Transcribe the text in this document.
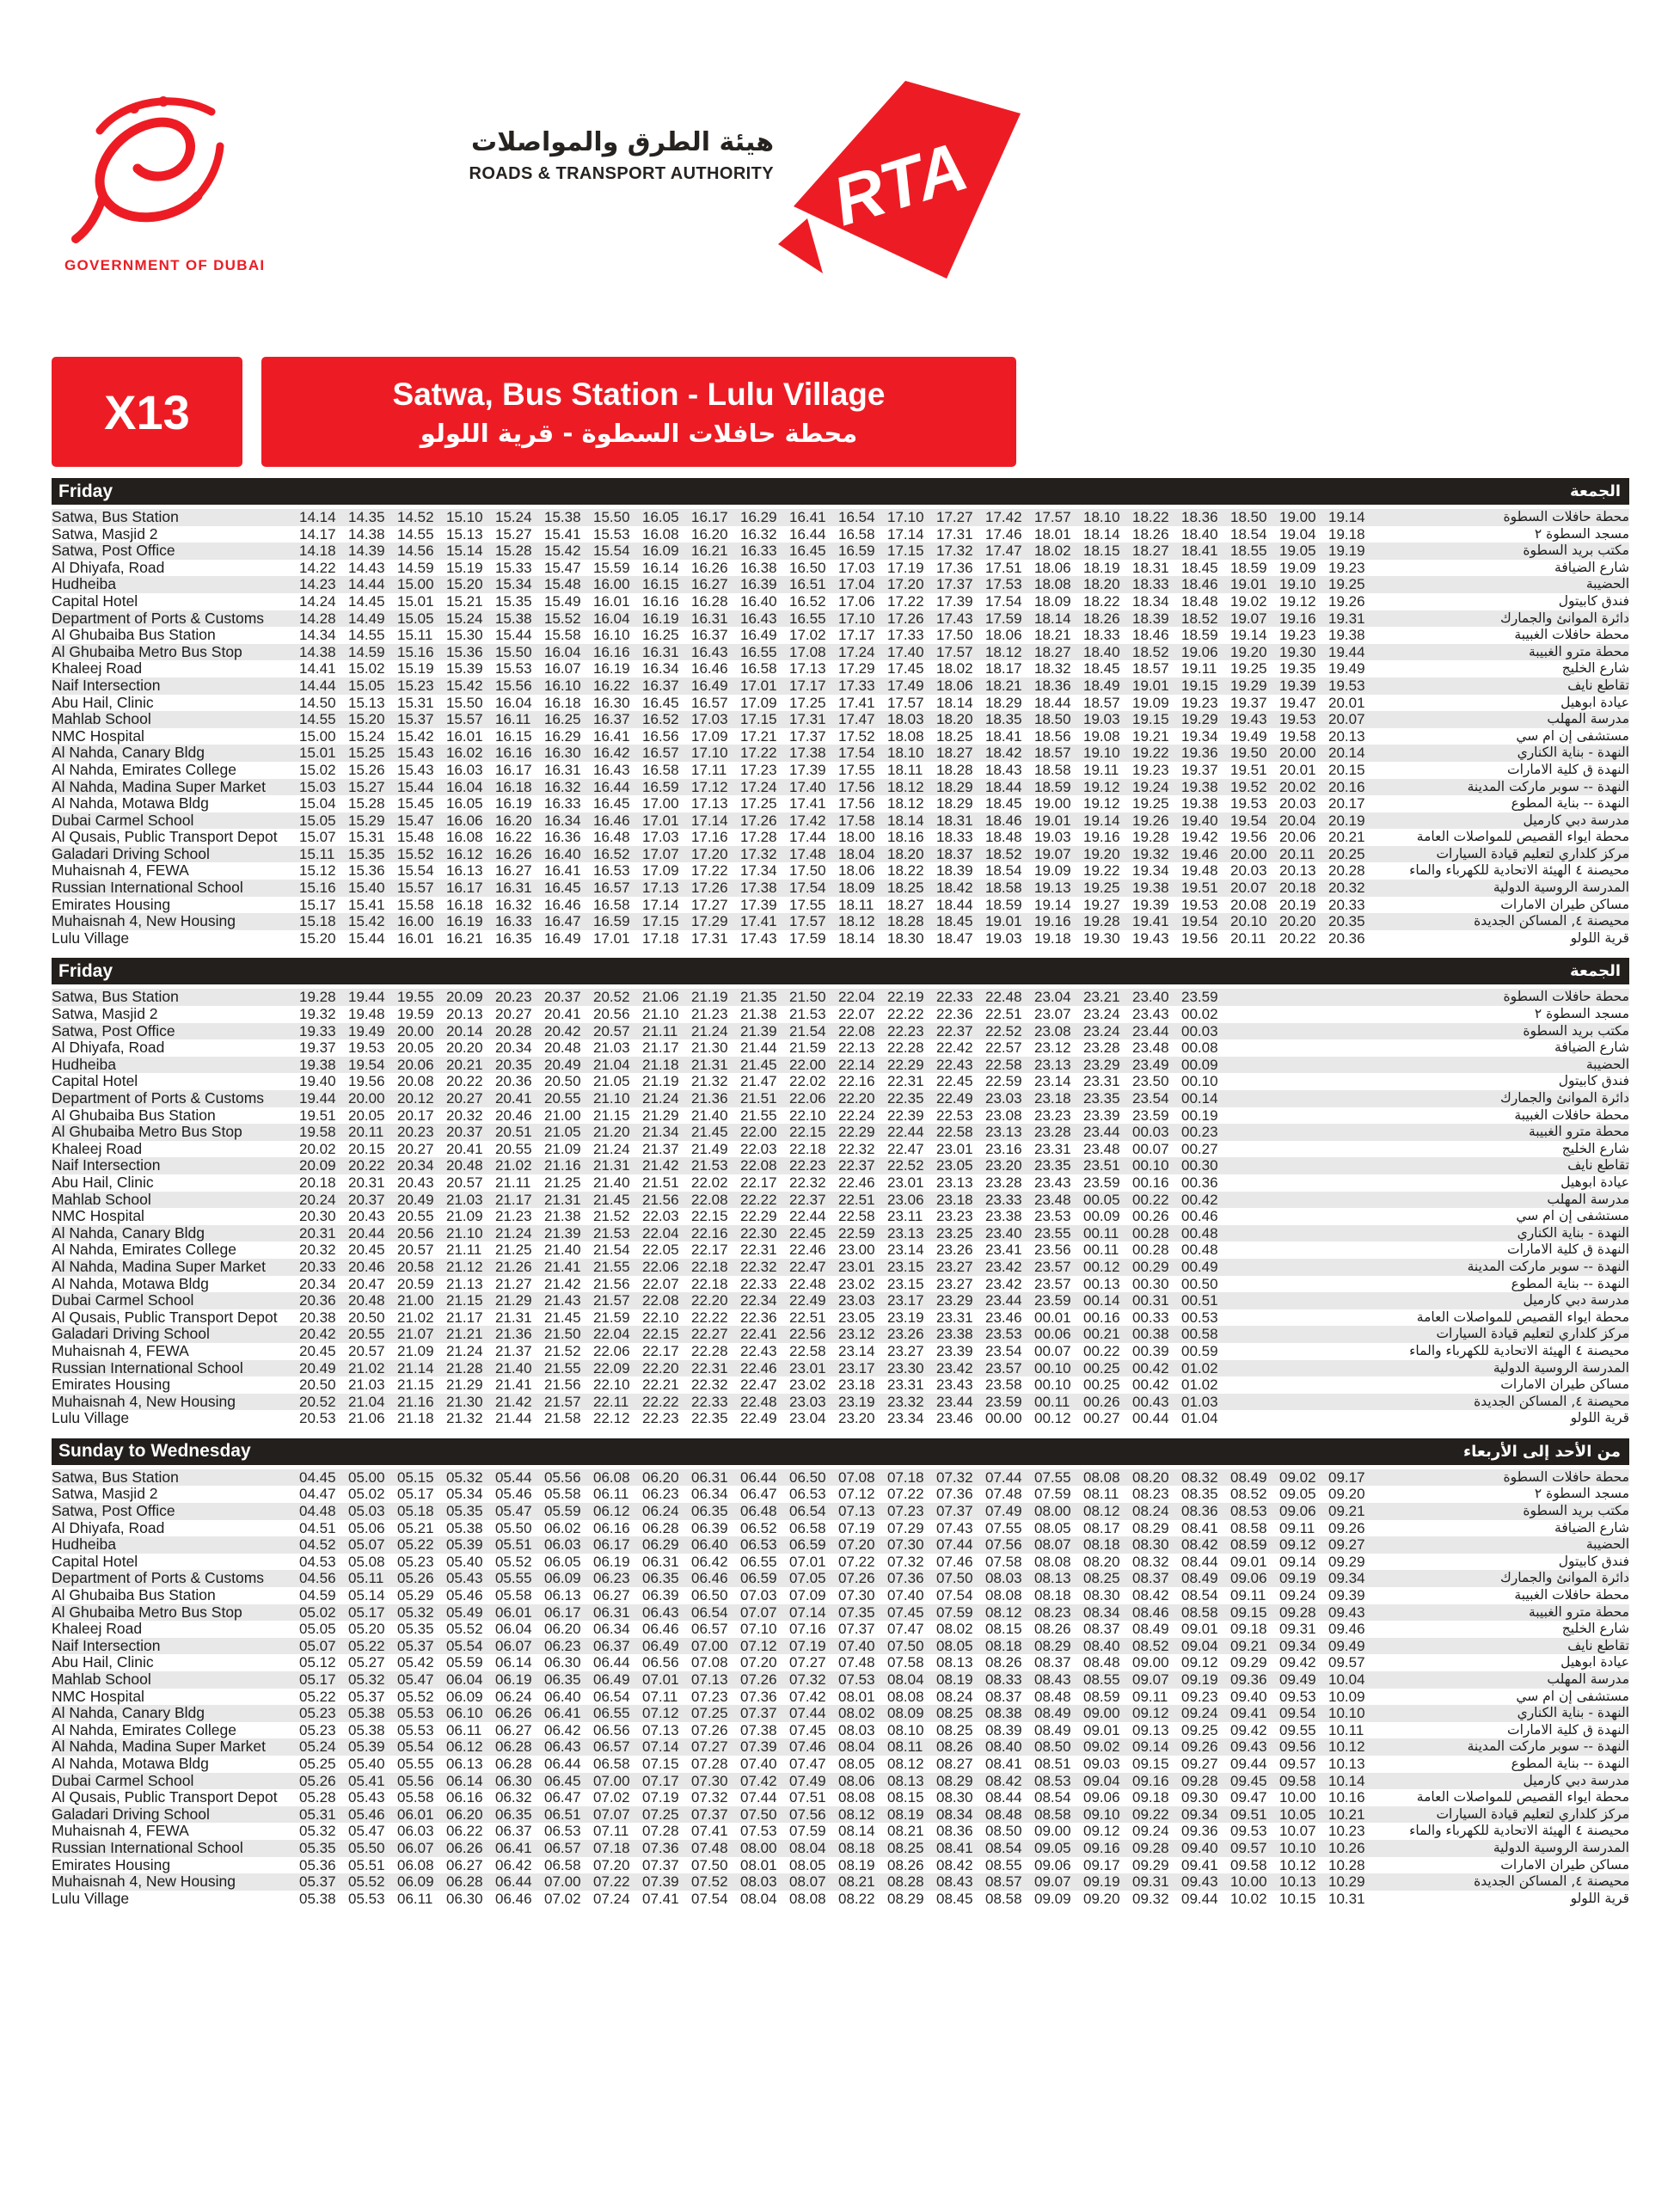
GOVERNMENT OF DUBAI
هيئة الطرق والمواصلات
ROADS & TRANSPORT AUTHORITY RTA
X13	Satwa, Bus Station - Lulu Village
محطة حافلات السطوة - قرية اللولو
Friday	الجمعة
Satwa, Bus Station	14.14	14.35	14.52	15.10	15.24	15.38	15.50	16.05	16.17	16.29	16.41	16.54	17.10	17.27	17.42	17.57	18.10	18.22	18.36	18.50	19.00	19.14	محطة حافلات السطوة
Satwa, Masjid 2	14.17	14.38	14.55	15.13	15.27	15.41	15.53	16.08	16.20	16.32	16.44	16.58	17.14	17.31	17.46	18.01	18.14	18.26	18.40	18.54	19.04	19.18	مسجد السطوة ٢
Satwa, Post Office	14.18	14.39	14.56	15.14	15.28	15.42	15.54	16.09	16.21	16.33	16.45	16.59	17.15	17.32	17.47	18.02	18.15	18.27	18.41	18.55	19.05	19.19	مكتب بريد السطوة
Al Dhiyafa, Road	14.22	14.43	14.59	15.19	15.33	15.47	15.59	16.14	16.26	16.38	16.50	17.03	17.19	17.36	17.51	18.06	18.19	18.31	18.45	18.59	19.09	19.23	شارع الضيافة
Hudheiba	14.23	14.44	15.00	15.20	15.34	15.48	16.00	16.15	16.27	16.39	16.51	17.04	17.20	17.37	17.53	18.08	18.20	18.33	18.46	19.01	19.10	19.25	الحضيبة
Capital Hotel	14.24	14.45	15.01	15.21	15.35	15.49	16.01	16.16	16.28	16.40	16.52	17.06	17.22	17.39	17.54	18.09	18.22	18.34	18.48	19.02	19.12	19.26	فندق كابيتول
Department of Ports & Customs	14.28	14.49	15.05	15.24	15.38	15.52	16.04	16.19	16.31	16.43	16.55	17.10	17.26	17.43	17.59	18.14	18.26	18.39	18.52	19.07	19.16	19.31	دائرة الموانئ والجمارك
Al Ghubaiba Bus Station	14.34	14.55	15.11	15.30	15.44	15.58	16.10	16.25	16.37	16.49	17.02	17.17	17.33	17.50	18.06	18.21	18.33	18.46	18.59	19.14	19.23	19.38	محطة حافلات الغبيبة
Al Ghubaiba Metro Bus Stop	14.38	14.59	15.16	15.36	15.50	16.04	16.16	16.31	16.43	16.55	17.08	17.24	17.40	17.57	18.12	18.27	18.40	18.52	19.06	19.20	19.30	19.44	محطة مترو الغبيبة
Khaleej Road	14.41	15.02	15.19	15.39	15.53	16.07	16.19	16.34	16.46	16.58	17.13	17.29	17.45	18.02	18.17	18.32	18.45	18.57	19.11	19.25	19.35	19.49	شارع الخليج
Naif Intersection	14.44	15.05	15.23	15.42	15.56	16.10	16.22	16.37	16.49	17.01	17.17	17.33	17.49	18.06	18.21	18.36	18.49	19.01	19.15	19.29	19.39	19.53	تقاطع نايف
Abu Hail, Clinic	14.50	15.13	15.31	15.50	16.04	16.18	16.30	16.45	16.57	17.09	17.25	17.41	17.57	18.14	18.29	18.44	18.57	19.09	19.23	19.37	19.47	20.01	عيادة ابوهيل
Mahlab School	14.55	15.20	15.37	15.57	16.11	16.25	16.37	16.52	17.03	17.15	17.31	17.47	18.03	18.20	18.35	18.50	19.03	19.15	19.29	19.43	19.53	20.07	مدرسة المهلب
NMC Hospital	15.00	15.24	15.42	16.01	16.15	16.29	16.41	16.56	17.09	17.21	17.37	17.52	18.08	18.25	18.41	18.56	19.08	19.21	19.34	19.49	19.58	20.13	مستشفى إن ام سي
Al Nahda, Canary Bldg	15.01	15.25	15.43	16.02	16.16	16.30	16.42	16.57	17.10	17.22	17.38	17.54	18.10	18.27	18.42	18.57	19.10	19.22	19.36	19.50	20.00	20.14	النهدة - بناية الكناري
Al Nahda, Emirates College	15.02	15.26	15.43	16.03	16.17	16.31	16.43	16.58	17.11	17.23	17.39	17.55	18.11	18.28	18.43	18.58	19.11	19.23	19.37	19.51	20.01	20.15	النهدة ق كلية الامارات
Al Nahda, Madina Super Market	15.03	15.27	15.44	16.04	16.18	16.32	16.44	16.59	17.12	17.24	17.40	17.56	18.12	18.29	18.44	18.59	19.12	19.24	19.38	19.52	20.02	20.16	النهدة -- سوبر ماركت المدينة
Al Nahda, Motawa Bldg	15.04	15.28	15.45	16.05	16.19	16.33	16.45	17.00	17.13	17.25	17.41	17.56	18.12	18.29	18.45	19.00	19.12	19.25	19.38	19.53	20.03	20.17	النهدة -- بناية المطوع
Dubai Carmel School	15.05	15.29	15.47	16.06	16.20	16.34	16.46	17.01	17.14	17.26	17.42	17.58	18.14	18.31	18.46	19.01	19.14	19.26	19.40	19.54	20.04	20.19	مدرسة دبي كارميل
Al Qusais, Public Transport Depot	15.07	15.31	15.48	16.08	16.22	16.36	16.48	17.03	17.16	17.28	17.44	18.00	18.16	18.33	18.48	19.03	19.16	19.28	19.42	19.56	20.06	20.21	محطة ايواء القصيص للمواصلات العامة
Galadari Driving School	15.11	15.35	15.52	16.12	16.26	16.40	16.52	17.07	17.20	17.32	17.48	18.04	18.20	18.37	18.52	19.07	19.20	19.32	19.46	20.00	20.11	20.25	مركز كلداري لتعليم قيادة السيارات
Muhaisnah 4, FEWA	15.12	15.36	15.54	16.13	16.27	16.41	16.53	17.09	17.22	17.34	17.50	18.06	18.22	18.39	18.54	19.09	19.22	19.34	19.48	20.03	20.13	20.28	محيصنة ٤ الهيئة الاتحادية للكهرباء والماء
Russian International School	15.16	15.40	15.57	16.17	16.31	16.45	16.57	17.13	17.26	17.38	17.54	18.09	18.25	18.42	18.58	19.13	19.25	19.38	19.51	20.07	20.18	20.32	المدرسة الروسية الدولية
Emirates Housing	15.17	15.41	15.58	16.18	16.32	16.46	16.58	17.14	17.27	17.39	17.55	18.11	18.27	18.44	18.59	19.14	19.27	19.39	19.53	20.08	20.19	20.33	مساكن طيران الامارات
Muhaisnah 4, New Housing	15.18	15.42	16.00	16.19	16.33	16.47	16.59	17.15	17.29	17.41	17.57	18.12	18.28	18.45	19.01	19.16	19.28	19.41	19.54	20.10	20.20	20.35	محيصنة ٤, المساكن الجديدة
Lulu Village	15.20	15.44	16.01	16.21	16.35	16.49	17.01	17.18	17.31	17.43	17.59	18.14	18.30	18.47	19.03	19.18	19.30	19.43	19.56	20.11	20.22	20.36	قرية اللولو
Friday	الجمعة
Satwa, Bus Station	19.28	19.44	19.55	20.09	20.23	20.37	20.52	21.06	21.19	21.35	21.50	22.04	22.19	22.33	22.48	23.04	23.21	23.40	23.59	محطة حافلات السطوة
Satwa, Masjid 2	19.32	19.48	19.59	20.13	20.27	20.41	20.56	21.10	21.23	21.38	21.53	22.07	22.22	22.36	22.51	23.07	23.24	23.43	00.02	مسجد السطوة ٢
Satwa, Post Office	19.33	19.49	20.00	20.14	20.28	20.42	20.57	21.11	21.24	21.39	21.54	22.08	22.23	22.37	22.52	23.08	23.24	23.44	00.03	مكتب بريد السطوة
Al Dhiyafa, Road	19.37	19.53	20.05	20.20	20.34	20.48	21.03	21.17	21.30	21.44	21.59	22.13	22.28	22.42	22.57	23.12	23.28	23.48	00.08	شارع الضيافة
Hudheiba	19.38	19.54	20.06	20.21	20.35	20.49	21.04	21.18	21.31	21.45	22.00	22.14	22.29	22.43	22.58	23.13	23.29	23.49	00.09	الحضيبة
Capital Hotel	19.40	19.56	20.08	20.22	20.36	20.50	21.05	21.19	21.32	21.47	22.02	22.16	22.31	22.45	22.59	23.14	23.31	23.50	00.10	فندق كابيتول
Department of Ports & Customs	19.44	20.00	20.12	20.27	20.41	20.55	21.10	21.24	21.36	21.51	22.06	22.20	22.35	22.49	23.03	23.18	23.35	23.54	00.14	دائرة الموانئ والجمارك
Al Ghubaiba Bus Station	19.51	20.05	20.17	20.32	20.46	21.00	21.15	21.29	21.40	21.55	22.10	22.24	22.39	22.53	23.08	23.23	23.39	23.59	00.19	محطة حافلات الغبيبة
Al Ghubaiba Metro Bus Stop	19.58	20.11	20.23	20.37	20.51	21.05	21.20	21.34	21.45	22.00	22.15	22.29	22.44	22.58	23.13	23.28	23.44	00.03	00.23	محطة مترو الغبيبة
Khaleej Road	20.02	20.15	20.27	20.41	20.55	21.09	21.24	21.37	21.49	22.03	22.18	22.32	22.47	23.01	23.16	23.31	23.48	00.07	00.27	شارع الخليج
Naif Intersection	20.09	20.22	20.34	20.48	21.02	21.16	21.31	21.42	21.53	22.08	22.23	22.37	22.52	23.05	23.20	23.35	23.51	00.10	00.30	تقاطع نايف
Abu Hail, Clinic	20.18	20.31	20.43	20.57	21.11	21.25	21.40	21.51	22.02	22.17	22.32	22.46	23.01	23.13	23.28	23.43	23.59	00.16	00.36	عيادة ابوهيل
Mahlab School	20.24	20.37	20.49	21.03	21.17	21.31	21.45	21.56	22.08	22.22	22.37	22.51	23.06	23.18	23.33	23.48	00.05	00.22	00.42	مدرسة المهلب
NMC Hospital	20.30	20.43	20.55	21.09	21.23	21.38	21.52	22.03	22.15	22.29	22.44	22.58	23.11	23.23	23.38	23.53	00.09	00.26	00.46	مستشفى إن ام سي
Al Nahda, Canary Bldg	20.31	20.44	20.56	21.10	21.24	21.39	21.53	22.04	22.16	22.30	22.45	22.59	23.13	23.25	23.40	23.55	00.11	00.28	00.48	النهدة - بناية الكناري
Al Nahda, Emirates College	20.32	20.45	20.57	21.11	21.25	21.40	21.54	22.05	22.17	22.31	22.46	23.00	23.14	23.26	23.41	23.56	00.11	00.28	00.48	النهدة ق كلية الامارات
Al Nahda, Madina Super Market	20.33	20.46	20.58	21.12	21.26	21.41	21.55	22.06	22.18	22.32	22.47	23.01	23.15	23.27	23.42	23.57	00.12	00.29	00.49	النهدة -- سوبر ماركت المدينة
Al Nahda, Motawa Bldg	20.34	20.47	20.59	21.13	21.27	21.42	21.56	22.07	22.18	22.33	22.48	23.02	23.15	23.27	23.42	23.57	00.13	00.30	00.50	النهدة -- بناية المطوع
Dubai Carmel School	20.36	20.48	21.00	21.15	21.29	21.43	21.57	22.08	22.20	22.34	22.49	23.03	23.17	23.29	23.44	23.59	00.14	00.31	00.51	مدرسة دبي كارميل
Al Qusais, Public Transport Depot	20.38	20.50	21.02	21.17	21.31	21.45	21.59	22.10	22.22	22.36	22.51	23.05	23.19	23.31	23.46	00.01	00.16	00.33	00.53	محطة ايواء القصيص للمواصلات العامة
Galadari Driving School	20.42	20.55	21.07	21.21	21.36	21.50	22.04	22.15	22.27	22.41	22.56	23.12	23.26	23.38	23.53	00.06	00.21	00.38	00.58	مركز كلداري لتعليم قيادة السيارات
Muhaisnah 4, FEWA	20.45	20.57	21.09	21.24	21.37	21.52	22.06	22.17	22.28	22.43	22.58	23.14	23.27	23.39	23.54	00.07	00.22	00.39	00.59	محيصنة ٤ الهيئة الاتحادية للكهرباء والماء
Russian International School	20.49	21.02	21.14	21.28	21.40	21.55	22.09	22.20	22.31	22.46	23.01	23.17	23.30	23.42	23.57	00.10	00.25	00.42	01.02	المدرسة الروسية الدولية
Emirates Housing	20.50	21.03	21.15	21.29	21.41	21.56	22.10	22.21	22.32	22.47	23.02	23.18	23.31	23.43	23.58	00.10	00.25	00.42	01.02	مساكن طيران الامارات
Muhaisnah 4, New Housing	20.52	21.04	21.16	21.30	21.42	21.57	22.11	22.22	22.33	22.48	23.03	23.19	23.32	23.44	23.59	00.11	00.26	00.43	01.03	محيصنة ٤, المساكن الجديدة
Lulu Village	20.53	21.06	21.18	21.32	21.44	21.58	22.12	22.23	22.35	22.49	23.04	23.20	23.34	23.46	00.00	00.12	00.27	00.44	01.04	قرية اللولو
Sunday to Wednesday	من الأحد إلى الأربعاء
Satwa, Bus Station	04.45	05.00	05.15	05.32	05.44	05.56	06.08	06.20	06.31	06.44	06.50	07.08	07.18	07.32	07.44	07.55	08.08	08.20	08.32	08.49	09.02	09.17	محطة حافلات السطوة
Satwa, Masjid 2	04.47	05.02	05.17	05.34	05.46	05.58	06.11	06.23	06.34	06.47	06.53	07.12	07.22	07.36	07.48	07.59	08.11	08.23	08.35	08.52	09.05	09.20	مسجد السطوة ٢
Satwa, Post Office	04.48	05.03	05.18	05.35	05.47	05.59	06.12	06.24	06.35	06.48	06.54	07.13	07.23	07.37	07.49	08.00	08.12	08.24	08.36	08.53	09.06	09.21	مكتب بريد السطوة
Al Dhiyafa, Road	04.51	05.06	05.21	05.38	05.50	06.02	06.16	06.28	06.39	06.52	06.58	07.19	07.29	07.43	07.55	08.05	08.17	08.29	08.41	08.58	09.11	09.26	شارع الضيافة
Hudheiba	04.52	05.07	05.22	05.39	05.51	06.03	06.17	06.29	06.40	06.53	06.59	07.20	07.30	07.44	07.56	08.07	08.18	08.30	08.42	08.59	09.12	09.27	الحضيبة
Capital Hotel	04.53	05.08	05.23	05.40	05.52	06.05	06.19	06.31	06.42	06.55	07.01	07.22	07.32	07.46	07.58	08.08	08.20	08.32	08.44	09.01	09.14	09.29	فندق كابيتول
Department of Ports & Customs	04.56	05.11	05.26	05.43	05.55	06.09	06.23	06.35	06.46	06.59	07.05	07.26	07.36	07.50	08.03	08.13	08.25	08.37	08.49	09.06	09.19	09.34	دائرة الموانئ والجمارك
Al Ghubaiba Bus Station	04.59	05.14	05.29	05.46	05.58	06.13	06.27	06.39	06.50	07.03	07.09	07.30	07.40	07.54	08.08	08.18	08.30	08.42	08.54	09.11	09.24	09.39	محطة حافلات الغبيبة
Al Ghubaiba Metro Bus Stop	05.02	05.17	05.32	05.49	06.01	06.17	06.31	06.43	06.54	07.07	07.14	07.35	07.45	07.59	08.12	08.23	08.34	08.46	08.58	09.15	09.28	09.43	محطة مترو الغبيبة
Khaleej Road	05.05	05.20	05.35	05.52	06.04	06.20	06.34	06.46	06.57	07.10	07.16	07.37	07.47	08.02	08.15	08.26	08.37	08.49	09.01	09.18	09.31	09.46	شارع الخليج
Naif Intersection	05.07	05.22	05.37	05.54	06.07	06.23	06.37	06.49	07.00	07.12	07.19	07.40	07.50	08.05	08.18	08.29	08.40	08.52	09.04	09.21	09.34	09.49	تقاطع نايف
Abu Hail, Clinic	05.12	05.27	05.42	05.59	06.14	06.30	06.44	06.56	07.08	07.20	07.27	07.48	07.58	08.13	08.26	08.37	08.48	09.00	09.12	09.29	09.42	09.57	عيادة ابوهيل
Mahlab School	05.17	05.32	05.47	06.04	06.19	06.35	06.49	07.01	07.13	07.26	07.32	07.53	08.04	08.19	08.33	08.43	08.55	09.07	09.19	09.36	09.49	10.04	مدرسة المهلب
NMC Hospital	05.22	05.37	05.52	06.09	06.24	06.40	06.54	07.11	07.23	07.36	07.42	08.01	08.08	08.24	08.37	08.48	08.59	09.11	09.23	09.40	09.53	10.09	مستشفى إن ام سي
Al Nahda, Canary Bldg	05.23	05.38	05.53	06.10	06.26	06.41	06.55	07.12	07.25	07.37	07.44	08.02	08.09	08.25	08.38	08.49	09.00	09.12	09.24	09.41	09.54	10.10	النهدة - بناية الكناري
Al Nahda, Emirates College	05.23	05.38	05.53	06.11	06.27	06.42	06.56	07.13	07.26	07.38	07.45	08.03	08.10	08.25	08.39	08.49	09.01	09.13	09.25	09.42	09.55	10.11	النهدة ق كلية الامارات
Al Nahda, Madina Super Market	05.24	05.39	05.54	06.12	06.28	06.43	06.57	07.14	07.27	07.39	07.46	08.04	08.11	08.26	08.40	08.50	09.02	09.14	09.26	09.43	09.56	10.12	النهدة -- سوبر ماركت المدينة
Al Nahda, Motawa Bldg	05.25	05.40	05.55	06.13	06.28	06.44	06.58	07.15	07.28	07.40	07.47	08.05	08.12	08.27	08.41	08.51	09.03	09.15	09.27	09.44	09.57	10.13	النهدة -- بناية المطوع
Dubai Carmel School	05.26	05.41	05.56	06.14	06.30	06.45	07.00	07.17	07.30	07.42	07.49	08.06	08.13	08.29	08.42	08.53	09.04	09.16	09.28	09.45	09.58	10.14	مدرسة دبي كارميل
Al Qusais, Public Transport Depot	05.28	05.43	05.58	06.16	06.32	06.47	07.02	07.19	07.32	07.44	07.51	08.08	08.15	08.30	08.44	08.54	09.06	09.18	09.30	09.47	10.00	10.16	محطة ايواء القصيص للمواصلات العامة
Galadari Driving School	05.31	05.46	06.01	06.20	06.35	06.51	07.07	07.25	07.37	07.50	07.56	08.12	08.19	08.34	08.48	08.58	09.10	09.22	09.34	09.51	10.05	10.21	مركز كلداري لتعليم قيادة السيارات
Muhaisnah 4, FEWA	05.32	05.47	06.03	06.22	06.37	06.53	07.11	07.28	07.41	07.53	07.59	08.14	08.21	08.36	08.50	09.00	09.12	09.24	09.36	09.53	10.07	10.23	محيصنة ٤ الهيئة الاتحادية للكهرباء والماء
Russian International School	05.35	05.50	06.07	06.26	06.41	06.57	07.18	07.36	07.48	08.00	08.04	08.18	08.25	08.41	08.54	09.05	09.16	09.28	09.40	09.57	10.10	10.26	المدرسة الروسية الدولية
Emirates Housing	05.36	05.51	06.08	06.27	06.42	06.58	07.20	07.37	07.50	08.01	08.05	08.19	08.26	08.42	08.55	09.06	09.17	09.29	09.41	09.58	10.12	10.28	مساكن طيران الامارات
Muhaisnah 4, New Housing	05.37	05.52	06.09	06.28	06.44	07.00	07.22	07.39	07.52	08.03	08.07	08.21	08.28	08.43	08.57	09.07	09.19	09.31	09.43	10.00	10.13	10.29	محيصنة ٤, المساكن الجديدة
Lulu Village	05.38	05.53	06.11	06.30	06.46	07.02	07.24	07.41	07.54	08.04	08.08	08.22	08.29	08.45	08.58	09.09	09.20	09.32	09.44	10.02	10.15	10.31	قرية اللولو
